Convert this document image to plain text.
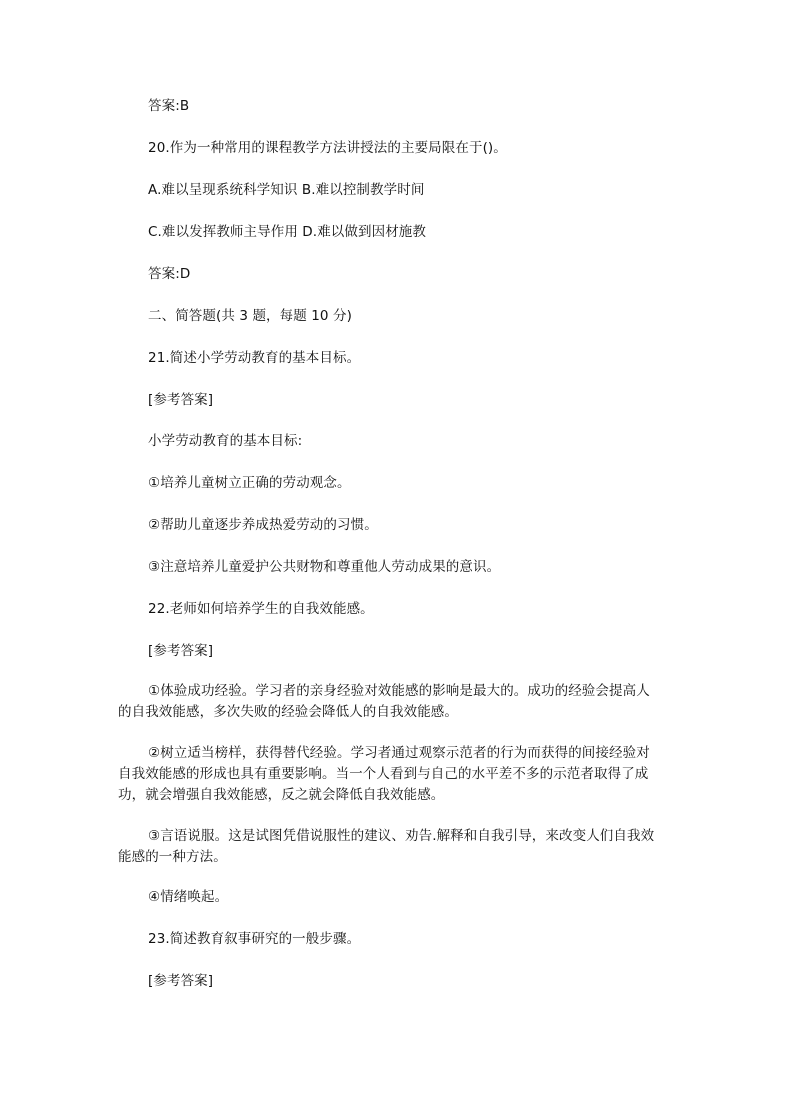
答案:B
20.作为一种常用的课程教学方法讲授法的主要局限在于()。
A.难以呈现系统科学知识 B.难以控制教学时间
C.难以发挥教师主导作用 D.难以做到因材施教
答案:D
二、简答题(共 3 题，每题 10 分)
21.简述小学劳动教育的基本目标。
[参考答案]
小学劳动教育的基本目标:
①培养儿童树立正确的劳动观念。
②帮助儿童逐步养成热爱劳动的习惯。
③注意培养儿童爱护公共财物和尊重他人劳动成果的意识。
22.老师如何培养学生的自我效能感。
[参考答案]
①体验成功经验。学习者的亲身经验对效能感的影响是最大的。成功的经验会提高人的自我效能感，多次失败的经验会降低人的自我效能感。
②树立适当榜样，获得替代经验。学习者通过观察示范者的行为而获得的间接经验对自我效能感的形成也具有重要影响。当一个人看到与自己的水平差不多的示范者取得了成功，就会增强自我效能感，反之就会降低自我效能感。
③言语说服。这是试图凭借说服性的建议、劝告.解释和自我引导，来改变人们自我效能感的一种方法。
④情绪唤起。
23.简述教育叙事研究的一般步骤。
[参考答案]
